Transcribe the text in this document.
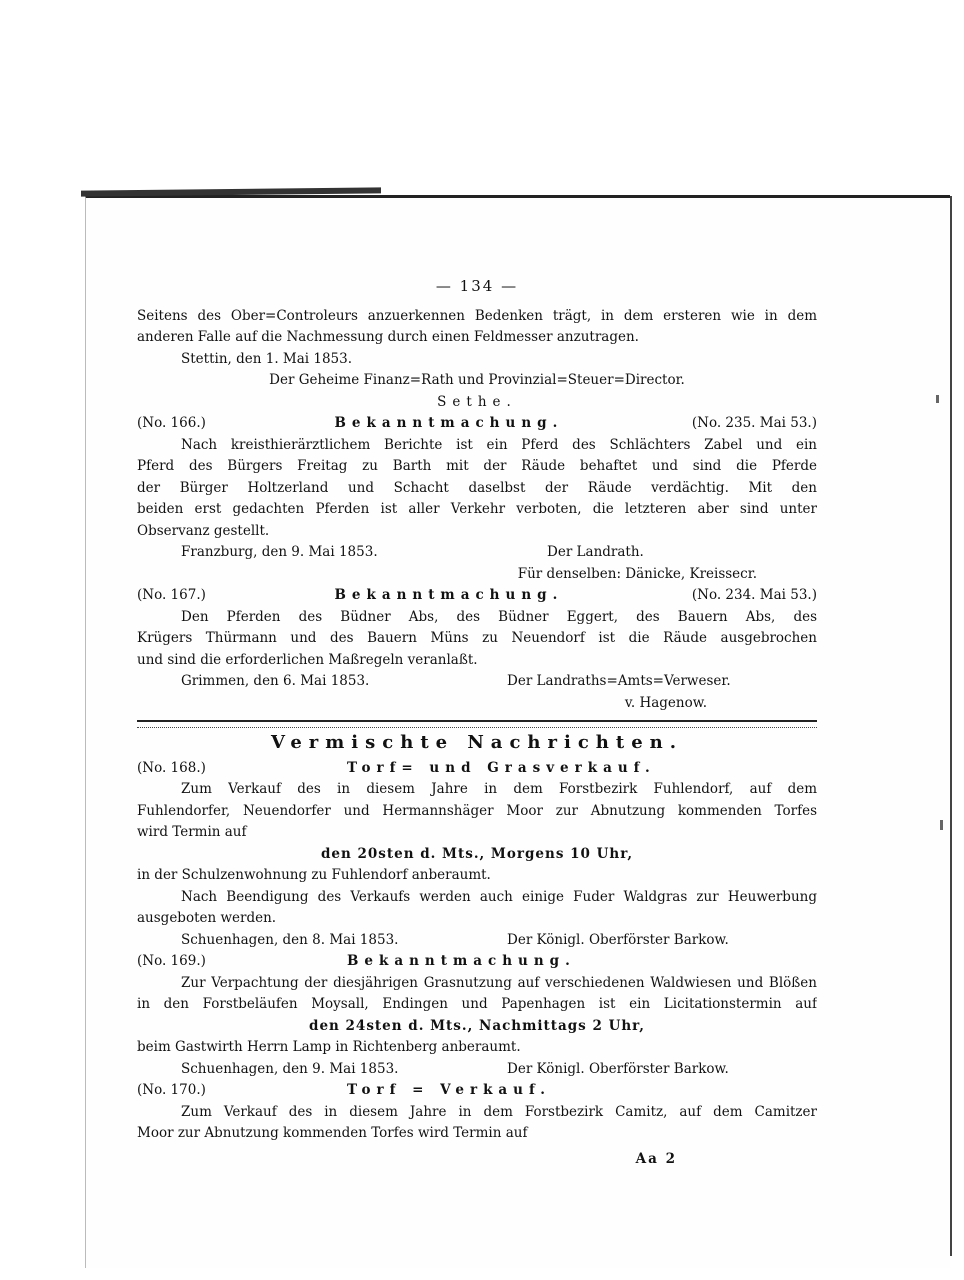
— 134 —
Seitens des Ober=Controleurs anzuerkennen Bedenken trägt, in dem ersteren wie in dem
anderen Falle auf die Nachmessung durch einen Feldmesser anzutragen.
Stettin, den 1. Mai 1853.
Der Geheime Finanz=Rath und Provinzial=Steuer=Director.
Sethe.
(No. 166.)	Bekanntmachung.	(No. 235. Mai 53.)
Nach kreisthierärztlichem Berichte ist ein Pferd des Schlächters Zabel und ein
Pferd des Bürgers Freitag zu Barth mit der Räude behaftet und sind die Pferde
der Bürger Holtzerland und Schacht daselbst der Räude verdächtig. Mit den
beiden erst gedachten Pferden ist aller Verkehr verboten, die letzteren aber sind unter
Observanz gestellt.
Franzburg, den 9. Mai 1853.	Der Landrath.
Für denselben: Dänicke, Kreissecr.
(No. 167.)	Bekanntmachung.	(No. 234. Mai 53.)
Den Pferden des Büdner Abs, des Büdner Eggert, des Bauern Abs, des
Krügers Thürmann und des Bauern Müns zu Neuendorf ist die Räude ausgebrochen
und sind die erforderlichen Maßregeln veranlaßt.
Grimmen, den 6. Mai 1853.	Der Landraths=Amts=Verweser.
v. Hagenow.
Vermischte Nachrichten.
(No. 168.)	Torf= und Grasverkauf.
Zum Verkauf des in diesem Jahre in dem Forstbezirk Fuhlendorf, auf dem
Fuhlendorfer, Neuendorfer und Hermannshäger Moor zur Abnutzung kommenden Torfes
wird Termin auf
den 20sten d. Mts., Morgens 10 Uhr,
in der Schulzenwohnung zu Fuhlendorf anberaumt.
Nach Beendigung des Verkaufs werden auch einige Fuder Waldgras zur Heuwerbung
ausgeboten werden.
Schuenhagen, den 8. Mai 1853.	Der Königl. Oberförster Barkow.
(No. 169.)	Bekanntmachung.
Zur Verpachtung der diesjährigen Grasnutzung auf verschiedenen Waldwiesen und Blößen
in den Forstbeläufen Moysall, Endingen und Papenhagen ist ein Licitationstermin auf
den 24sten d. Mts., Nachmittags 2 Uhr,
beim Gastwirth Herrn Lamp in Richtenberg anberaumt.
Schuenhagen, den 9. Mai 1853.	Der Königl. Oberförster Barkow.
(No. 170.)	Torf = Verkauf.
Zum Verkauf des in diesem Jahre in dem Forstbezirk Camitz, auf dem Camitzer
Moor zur Abnutzung kommenden Torfes wird Termin auf
Aa 2
